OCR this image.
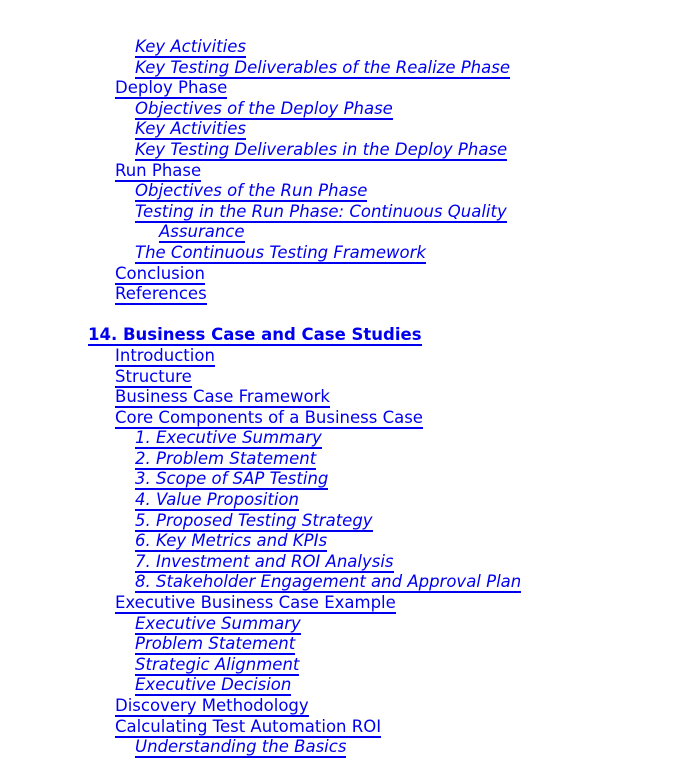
Key Activities
Key Testing Deliverables of the Realize Phase
Deploy Phase
Objectives of the Deploy Phase
Key Activities
Key Testing Deliverables in the Deploy Phase
Run Phase
Objectives of the Run Phase
Testing in the Run Phase: Continuous Quality
Assurance
The Continuous Testing Framework
Conclusion
References
14. Business Case and Case Studies
Introduction
Structure
Business Case Framework
Core Components of a Business Case
1. Executive Summary
2. Problem Statement
3. Scope of SAP Testing
4. Value Proposition
5. Proposed Testing Strategy
6. Key Metrics and KPIs
7. Investment and ROI Analysis
8. Stakeholder Engagement and Approval Plan
Executive Business Case Example
Executive Summary
Problem Statement
Strategic Alignment
Executive Decision
Discovery Methodology
Calculating Test Automation ROI
Understanding the Basics
